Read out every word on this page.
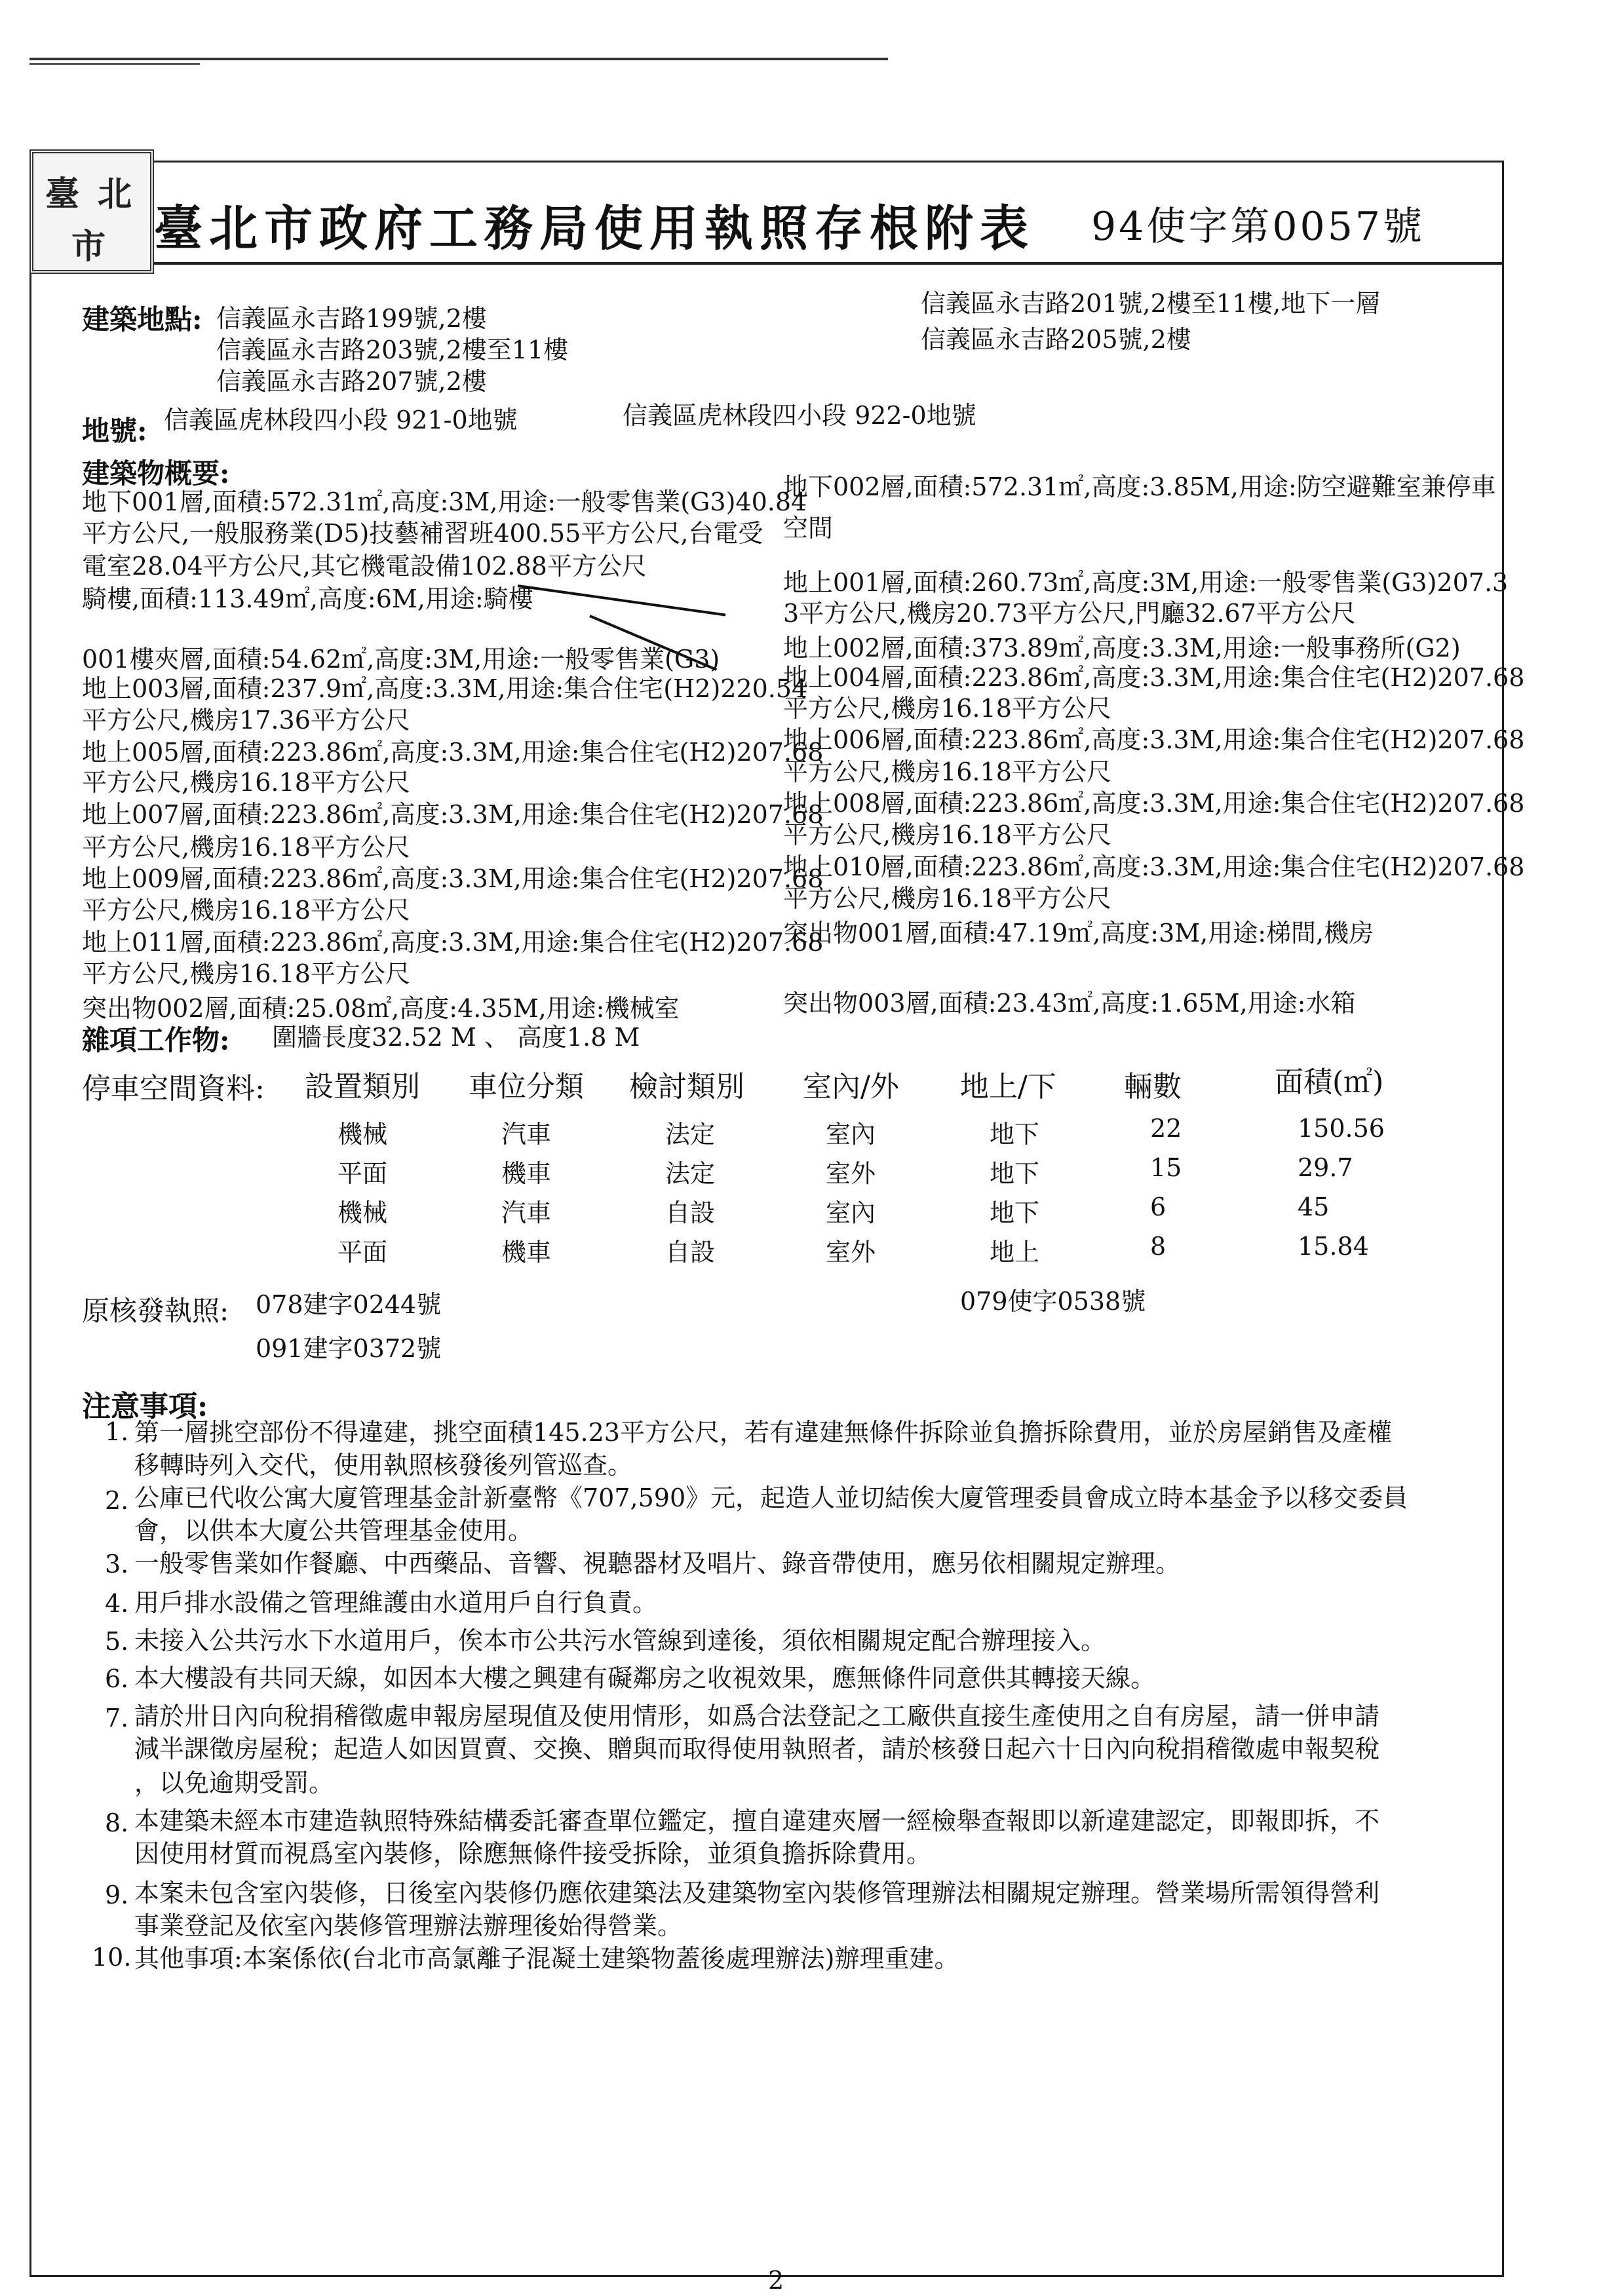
臺 北
市 臺北市政府工務局使用執照存根附表 94使字第0057號
建築地點: 信義區永吉路199號,2樓
信義區永吉路203號,2樓至11樓
信義區永吉路207號,2樓
信義區永吉路201號,2樓至11樓,地下一層
信義區永吉路205號,2樓
地號: 信義區虎林段四小段 921-0地號	信義區虎林段四小段 922-0地號
建築物概要:
地下001層,面積:572.31㎡,高度:3M,用途:一般零售業(G3)40.84
平方公尺,一般服務業(D5)技藝補習班400.55平方公尺,台電受
電室28.04平方公尺,其它機電設備102.88平方公尺
騎樓,面積:113.49㎡,高度:6M,用途:騎樓
001樓夾層,面積:54.62㎡,高度:3M,用途:一般零售業(G3)
地上003層,面積:237.9㎡,高度:3.3M,用途:集合住宅(H2)220.54
平方公尺,機房17.36平方公尺
地上005層,面積:223.86㎡,高度:3.3M,用途:集合住宅(H2)207.68
平方公尺,機房16.18平方公尺
地上007層,面積:223.86㎡,高度:3.3M,用途:集合住宅(H2)207.68
平方公尺,機房16.18平方公尺
地上009層,面積:223.86㎡,高度:3.3M,用途:集合住宅(H2)207.68
平方公尺,機房16.18平方公尺
地上011層,面積:223.86㎡,高度:3.3M,用途:集合住宅(H2)207.68
平方公尺,機房16.18平方公尺
突出物002層,面積:25.08㎡,高度:4.35M,用途:機械室
地下002層,面積:572.31㎡,高度:3.85M,用途:防空避難室兼停車
空間
地上001層,面積:260.73㎡,高度:3M,用途:一般零售業(G3)207.3
3平方公尺,機房20.73平方公尺,門廳32.67平方公尺
地上002層,面積:373.89㎡,高度:3.3M,用途:一般事務所(G2)
地上004層,面積:223.86㎡,高度:3.3M,用途:集合住宅(H2)207.68
平方公尺,機房16.18平方公尺
地上006層,面積:223.86㎡,高度:3.3M,用途:集合住宅(H2)207.68
平方公尺,機房16.18平方公尺
地上008層,面積:223.86㎡,高度:3.3M,用途:集合住宅(H2)207.68
平方公尺,機房16.18平方公尺
地上010層,面積:223.86㎡,高度:3.3M,用途:集合住宅(H2)207.68
平方公尺,機房16.18平方公尺
突出物001層,面積:47.19㎡,高度:3M,用途:梯間,機房
突出物003層,面積:23.43㎡,高度:1.65M,用途:水箱
雜項工作物: 圍牆長度32.52 M 、 高度1.8 M
停車空間資料: 設置類別 車位分類 檢討類別 室內/外 地上/下 輛數	面積(㎡)
機械	汽車	法定	室內	地下	22	150.56
平面	機車	法定	室外	地下	15	29.7
機械	汽車	自設	室內	地下	6	45
平面	機車	自設	室外	地上	8	15.84
原核發執照: 078建字0244號
091建字0372號
079使字0538號
注意事項:
1. 第一層挑空部份不得違建，挑空面積145.23平方公尺，若有違建無條件拆除並負擔拆除費用，並於房屋銷售及產權
移轉時列入交代，使用執照核發後列管巡查。
2. 公庫已代收公寓大廈管理基金計新臺幣《707,590》元，起造人並切結俟大廈管理委員會成立時本基金予以移交委員
會，以供本大廈公共管理基金使用。
3. 一般零售業如作餐廳、中西藥品、音響、視聽器材及唱片、錄音帶使用，應另依相關規定辦理。
4. 用戶排水設備之管理維護由水道用戶自行負責。
5. 未接入公共污水下水道用戶，俟本市公共污水管線到達後，須依相關規定配合辦理接入。
6. 本大樓設有共同天線，如因本大樓之興建有礙鄰房之收視效果，應無條件同意供其轉接天線。
7. 請於卅日內向稅捐稽徵處申報房屋現值及使用情形，如爲合法登記之工廠供直接生產使用之自有房屋，請一併申請
減半課徵房屋稅；起造人如因買賣、交換、贈與而取得使用執照者，請於核發日起六十日內向稅捐稽徵處申報契稅
，以免逾期受罰。
8. 本建築未經本市建造執照特殊結構委託審查單位鑑定，擅自違建夾層一經檢舉查報即以新違建認定，即報即拆，不
因使用材質而視爲室內裝修，除應無條件接受拆除，並須負擔拆除費用。
9. 本案未包含室內裝修，日後室內裝修仍應依建築法及建築物室內裝修管理辦法相關規定辦理。營業場所需領得營利
事業登記及依室內裝修管理辦法辦理後始得營業。
10. 其他事項:本案係依(台北市高氯離子混凝土建築物蓋後處理辦法)辦理重建。
2
